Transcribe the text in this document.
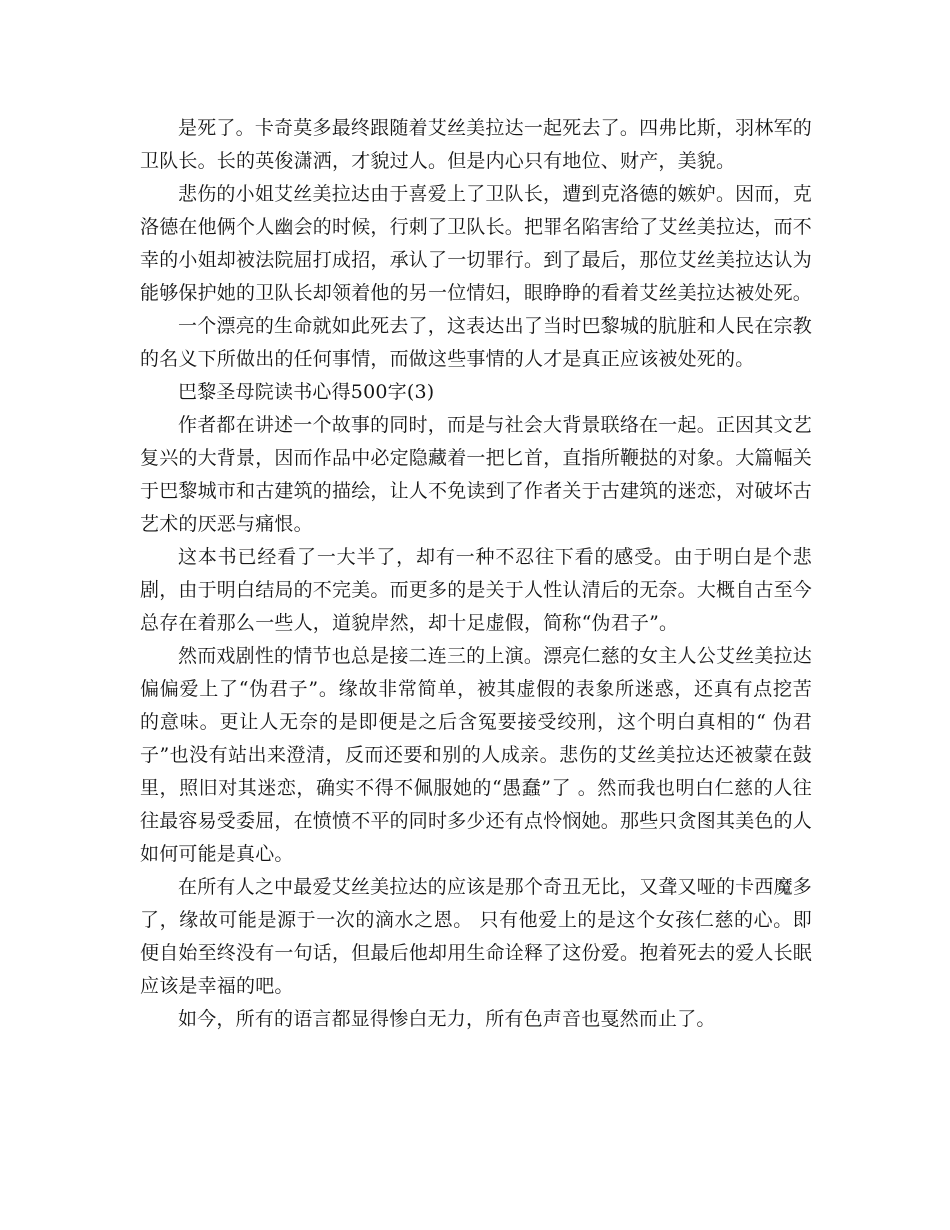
是死了。卡奇莫多最终跟随着艾丝美拉达一起死去了。四弗比斯，羽林军的卫队长。长的英俊潇洒，才貌过人。但是内心只有地位、财产，美貌。

悲伤的小姐艾丝美拉达由于喜爱上了卫队长，遭到克洛德的嫉妒。因而，克洛德在他俩个人幽会的时候，行刺了卫队长。把罪名陷害给了艾丝美拉达，而不幸的小姐却被法院屈打成招，承认了一切罪行。到了最后，那位艾丝美拉达认为能够保护她的卫队长却领着他的另一位情妇，眼睁睁的看着艾丝美拉达被处死。

一个漂亮的生命就如此死去了，这表达出了当时巴黎城的肮脏和人民在宗教的名义下所做出的任何事情，而做这些事情的人才是真正应该被处死的。

巴黎圣母院读书心得500字(3)

作者都在讲述一个故事的同时，而是与社会大背景联络在一起。正因其文艺复兴的大背景，因而作品中必定隐藏着一把匕首，直指所鞭挞的对象。大篇幅关于巴黎城市和古建筑的描绘，让人不免读到了作者关于古建筑的迷恋，对破坏古艺术的厌恶与痛恨。

这本书已经看了一大半了，却有一种不忍往下看的感受。由于明白是个悲剧，由于明白结局的不完美。而更多的是关于人性认清后的无奈。大概自古至今总存在着那么一些人，道貌岸然，却十足虚假，简称“伪君子”。

然而戏剧性的情节也总是接二连三的上演。漂亮仁慈的女主人公艾丝美拉达偏偏爱上了“伪君子”。缘故非常简单，被其虚假的表象所迷惑，还真有点挖苦的意味。更让人无奈的是即便是之后含冤要接受绞刑，这个明白真相的“ 伪君子”也没有站出来澄清，反而还要和别的人成亲。悲伤的艾丝美拉达还被蒙在鼓里，照旧对其迷恋，确实不得不佩服她的“愚蠢”了 。然而我也明白仁慈的人往往最容易受委屈，在愤愤不平的同时多少还有点怜悯她。那些只贪图其美色的人如何可能是真心。

在所有人之中最爱艾丝美拉达的应该是那个奇丑无比，又聋又哑的卡西魔多了，缘故可能是源于一次的滴水之恩。 只有他爱上的是这个女孩仁慈的心。即便自始至终没有一句话，但最后他却用生命诠释了这份爱。抱着死去的爱人长眠应该是幸福的吧。

如今，所有的语言都显得惨白无力，所有色声音也戛然而止了。
